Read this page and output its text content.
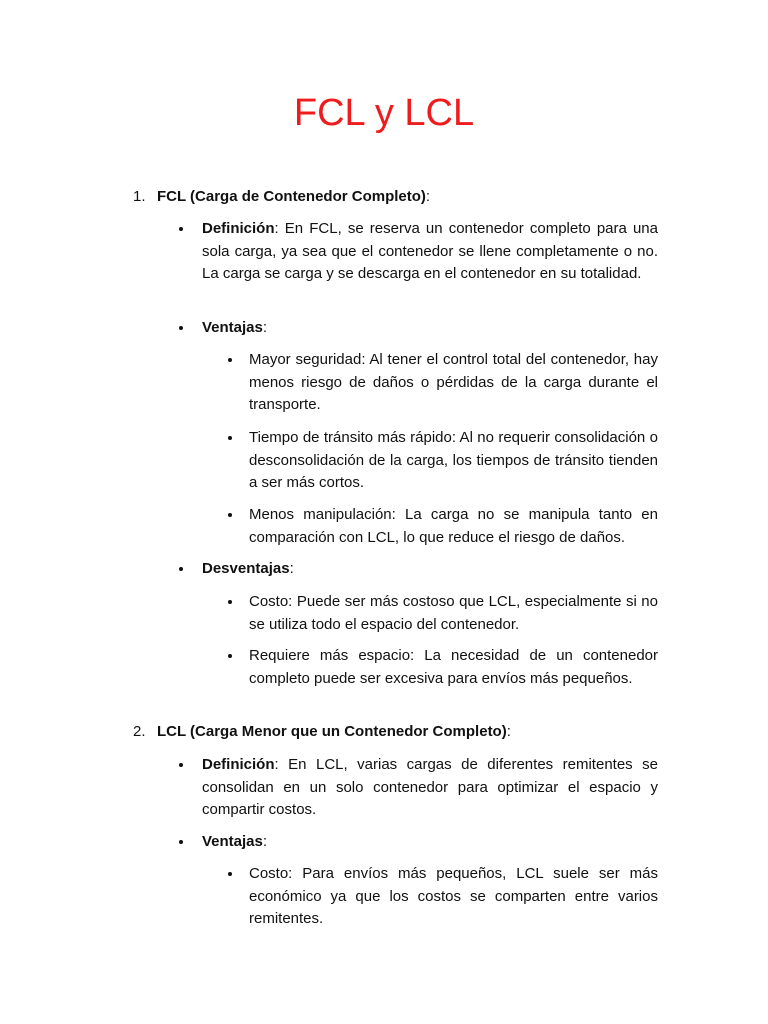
FCL y LCL
1. FCL (Carga de Contenedor Completo):
Definición: En FCL, se reserva un contenedor completo para una sola carga, ya sea que el contenedor se llene completamente o no. La carga se carga y se descarga en el contenedor en su totalidad.
Ventajas:
Mayor seguridad: Al tener el control total del contenedor, hay menos riesgo de daños o pérdidas de la carga durante el transporte.
Tiempo de tránsito más rápido: Al no requerir consolidación o desconsolidación de la carga, los tiempos de tránsito tienden a ser más cortos.
Menos manipulación: La carga no se manipula tanto en comparación con LCL, lo que reduce el riesgo de daños.
Desventajas:
Costo: Puede ser más costoso que LCL, especialmente si no se utiliza todo el espacio del contenedor.
Requiere más espacio: La necesidad de un contenedor completo puede ser excesiva para envíos más pequeños.
2. LCL (Carga Menor que un Contenedor Completo):
Definición: En LCL, varias cargas de diferentes remitentes se consolidan en un solo contenedor para optimizar el espacio y compartir costos.
Ventajas:
Costo: Para envíos más pequeños, LCL suele ser más económico ya que los costos se comparten entre varios remitentes.
